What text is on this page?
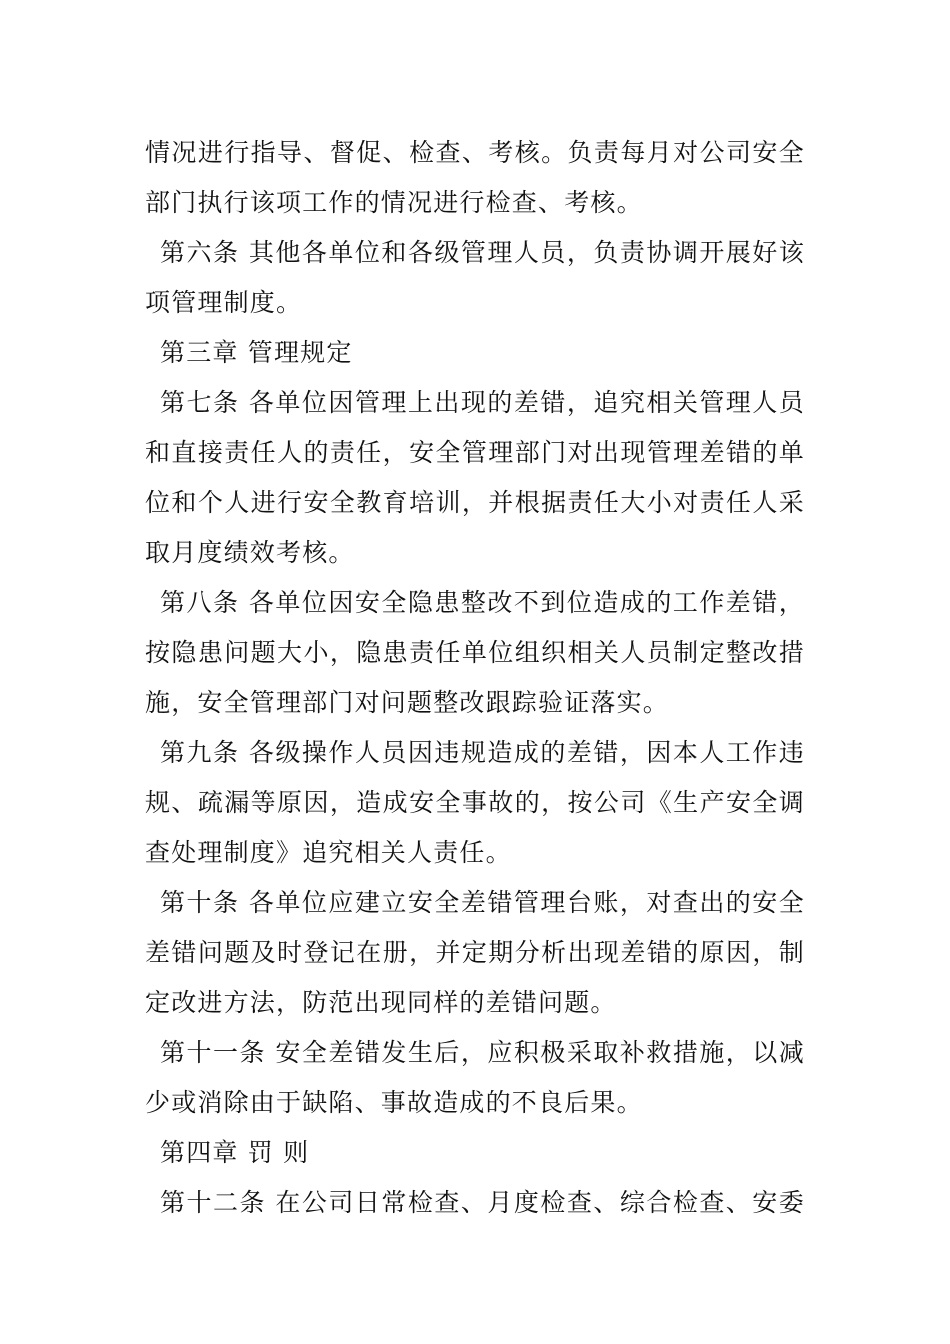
情况进行指导、督促、检查、考核。负责每月对公司安全
部门执行该项工作的情况进行检查、考核。
第六条 其他各单位和各级管理人员，负责协调开展好该
项管理制度。
第三章 管理规定
第七条 各单位因管理上出现的差错，追究相关管理人员
和直接责任人的责任，安全管理部门对出现管理差错的单
位和个人进行安全教育培训，并根据责任大小对责任人采
取月度绩效考核。
第八条 各单位因安全隐患整改不到位造成的工作差错，
按隐患问题大小，隐患责任单位组织相关人员制定整改措
施，安全管理部门对问题整改跟踪验证落实。
第九条 各级操作人员因违规造成的差错，因本人工作违
规、疏漏等原因，造成安全事故的，按公司《生产安全调
查处理制度》追究相关人责任。
第十条 各单位应建立安全差错管理台账，对查出的安全
差错问题及时登记在册，并定期分析出现差错的原因，制
定改进方法，防范出现同样的差错问题。
第十一条 安全差错发生后，应积极采取补救措施，以减
少或消除由于缺陷、事故造成的不良后果。
第四章 罚 则
第十二条 在公司日常检查、月度检查、综合检查、安委
